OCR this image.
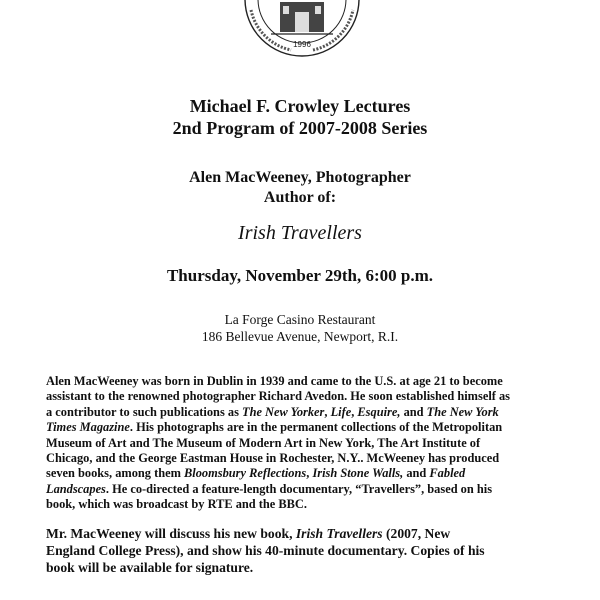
1996
Michael F. Crowley Lectures
2nd Program of 2007-2008 Series
Alen MacWeeney, Photographer
Author of:
Irish Travellers
Thursday, November 29th, 6:00 p.m.
La Forge Casino Restaurant
186 Bellevue Avenue, Newport, R.I.

Alen MacWeeney was born in Dublin in 1939 and came to the U.S. at age 21 to become
assistant to the renowned photographer Richard Avedon. He soon established himself as
a contributor to such publications as The New Yorker, Life, Esquire, and The New York
Times Magazine. His photographs are in the permanent collections of the Metropolitan
Museum of Art and The Museum of Modern Art in New York, The Art Institute of
Chicago, and the George Eastman House in Rochester, N.Y.. McWeeney has produced
seven books, among them Bloomsbury Reflections, Irish Stone Walls, and Fabled
Landscapes. He co-directed a feature-length documentary, “Travellers”, based on his
book, which was broadcast by RTE and the BBC.

Mr. MacWeeney will discuss his new book, Irish Travellers (2007, New
England College Press), and show his 40-minute documentary. Copies of his
book will be available for signature.
